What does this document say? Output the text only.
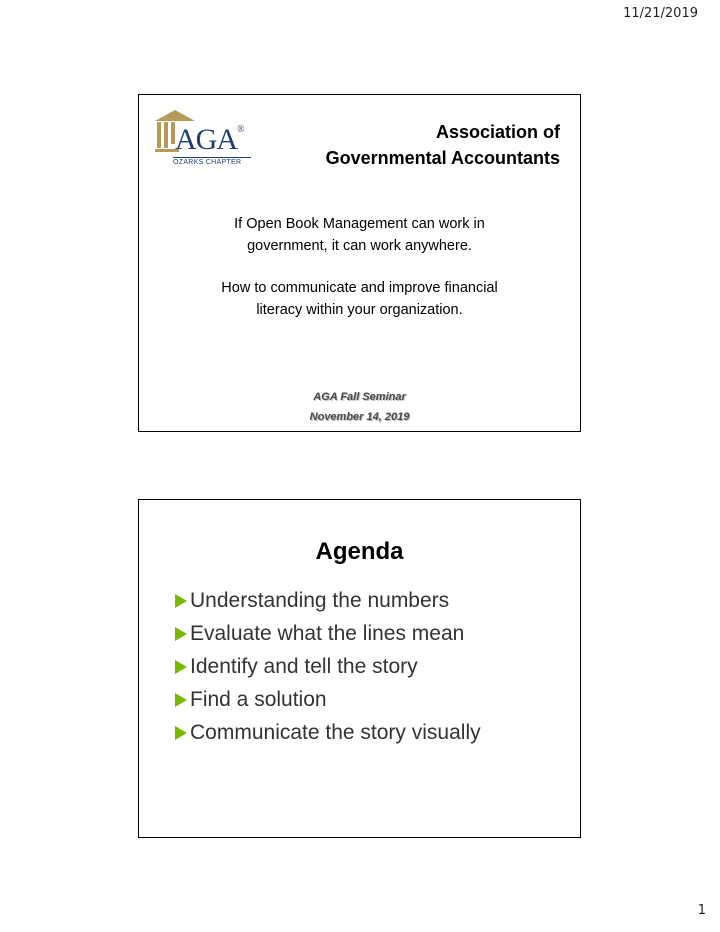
11/21/2019
AGA®
OZARKS CHAPTER
Association of
Governmental Accountants
If Open Book Management can work in
government, it can work anywhere.
How to communicate and improve financial
literacy within your organization.
AGA Fall Seminar
November 14, 2019
Agenda
Understanding the numbers
Evaluate what the lines mean
Identify and tell the story
Find a solution
Communicate the story visually
1
